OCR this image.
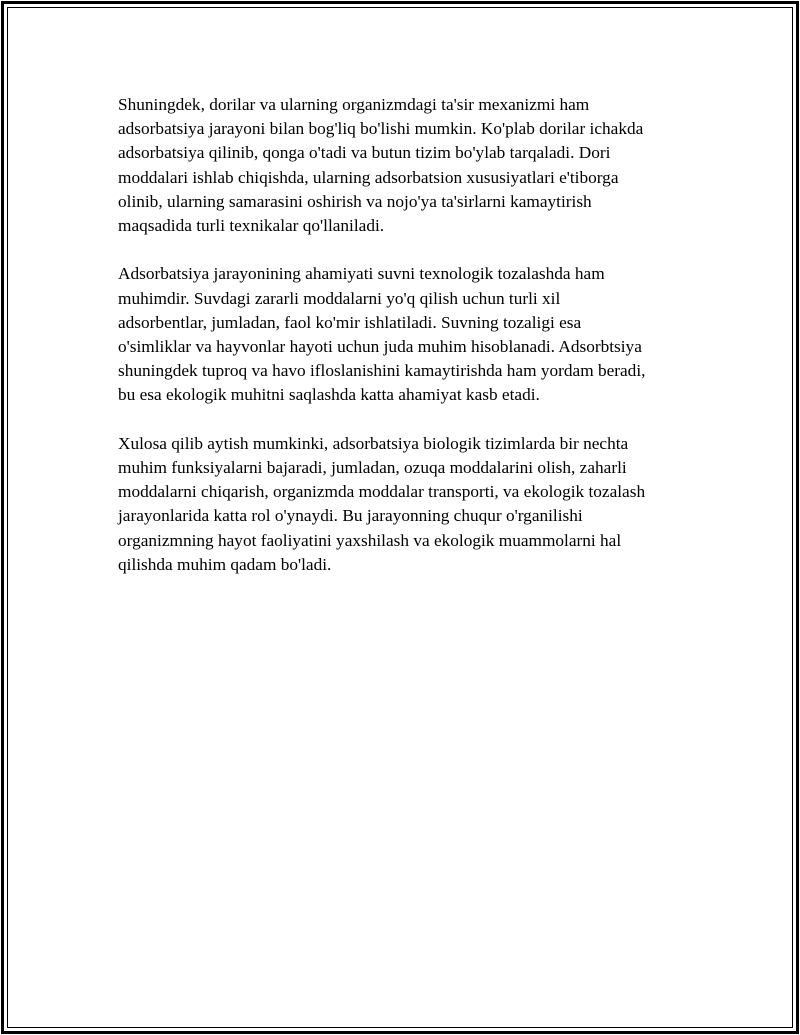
Shuningdek, dorilar va ularning organizmdagi ta'sir mexanizmi ham
adsorbatsiya jarayoni bilan bog'liq bo'lishi mumkin. Ko'plab dorilar ichakda
adsorbatsiya qilinib, qonga o'tadi va butun tizim bo'ylab tarqaladi. Dori
moddalari ishlab chiqishda, ularning adsorbatsion xususiyatlari e'tiborga
olinib, ularning samarasini oshirish va nojo'ya ta'sirlarni kamaytirish
maqsadida turli texnikalar qo'llaniladi.

Adsorbatsiya jarayonining ahamiyati suvni texnologik tozalashda ham
muhimdir. Suvdagi zararli moddalarni yo'q qilish uchun turli xil
adsorbentlar, jumladan, faol ko'mir ishlatiladi. Suvning tozaligi esa
o'simliklar va hayvonlar hayoti uchun juda muhim hisoblanadi. Adsorbtsiya
shuningdek tuproq va havo ifloslanishini kamaytirishda ham yordam beradi,
bu esa ekologik muhitni saqlashda katta ahamiyat kasb etadi.

Xulosa qilib aytish mumkinki, adsorbatsiya biologik tizimlarda bir nechta
muhim funksiyalarni bajaradi, jumladan, ozuqa moddalarini olish, zaharli
moddalarni chiqarish, organizmda moddalar transporti, va ekologik tozalash
jarayonlarida katta rol o'ynaydi. Bu jarayonning chuqur o'rganilishi
organizmning hayot faoliyatini yaxshilash va ekologik muammolarni hal
qilishda muhim qadam bo'ladi.
